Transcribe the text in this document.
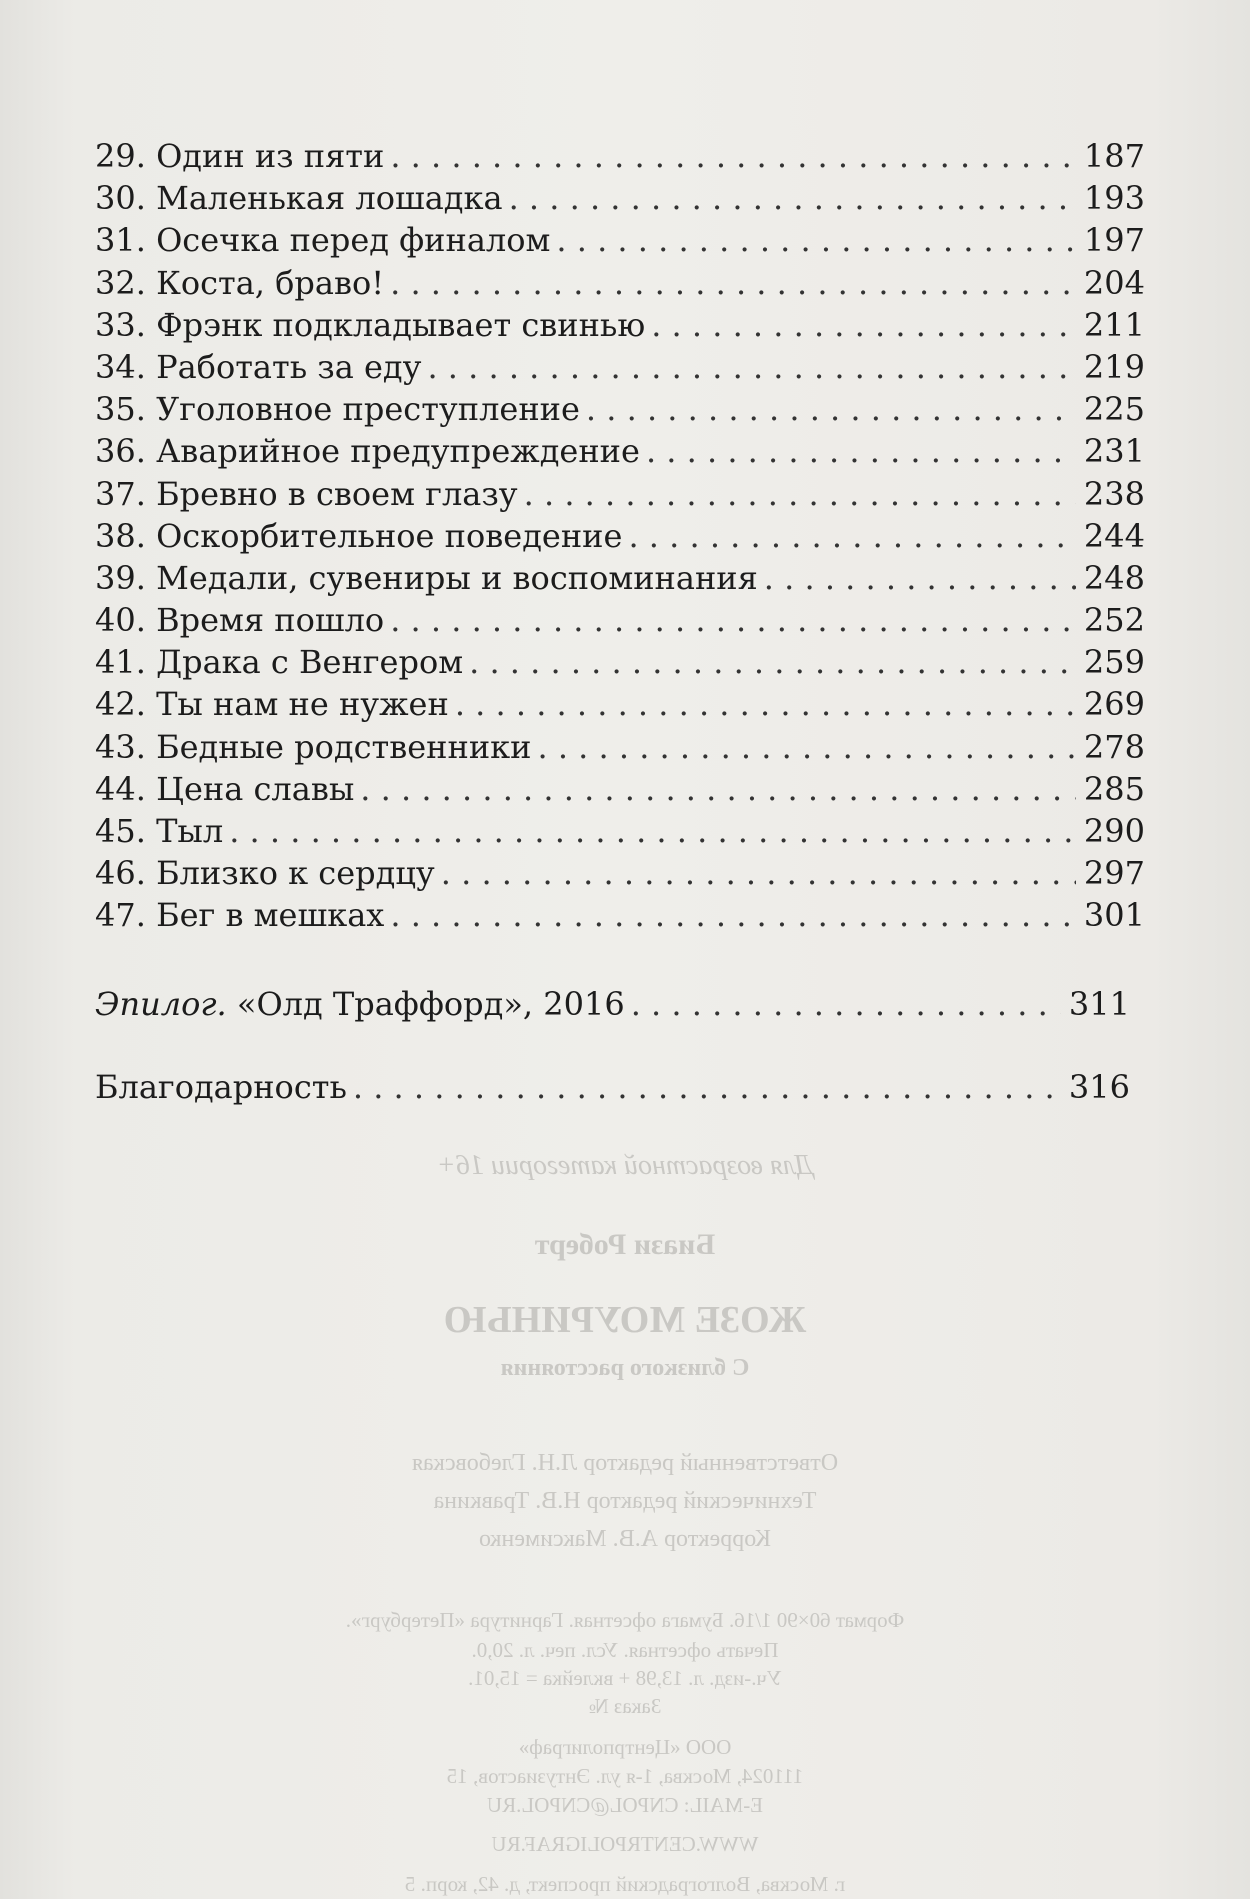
29. Один из пяти . . .	187
30. Маленькая лошадка . . .	193
31. Осечка перед финалом . . .	197
32. Коста, браво! . . .	204
33. Фрэнк подкладывает свинью . . .	211
34. Работать за еду . . .	219
35. Уголовное преступление . . .	225
36. Аварийное предупреждение . . .	231
37. Бревно в своем глазу . . .	238
38. Оскорбительное поведение . . .	244
39. Медали, сувениры и воспоминания . . .	248
40. Время пошло . . .	252
41. Драка с Венгером . . .	259
42. Ты нам не нужен . . .	269
43. Бедные родственники . . .	278
44. Цена славы . . .	285
45. Тыл . . .	290
46. Близко к сердцу . . .	297
47. Бег в мешках . . .	301
Эпилог. «Олд Траффорд», 2016 . . .	311
Благодарность . . .	316
Для возрастной категории 16+
Биази Роберт
ЖОЗЕ МОУРИНЬЮ
С близкого расстояния
Ответственный редактор Л.Н. Глебовская
Технический редактор Н.В. Травкина
Корректор А.В. Максименко
Формат 60×90 1/16. Бумага офсетная. Гарнитура «Петербург».
Печать офсетная. Усл. печ. л. 20,0.
Уч.-изд. л. 13,98 + вклейка = 15,01.
Заказ №
ООО «Центрполиграф»
111024, Москва, 1-я ул. Энтузиастов, 15
E-MAIL: CNPOL@CNPOL.RU
WWW.CENTRPOLIGRAF.RU
г. Москва, Волгоградский проспект, д. 42, корп. 5
